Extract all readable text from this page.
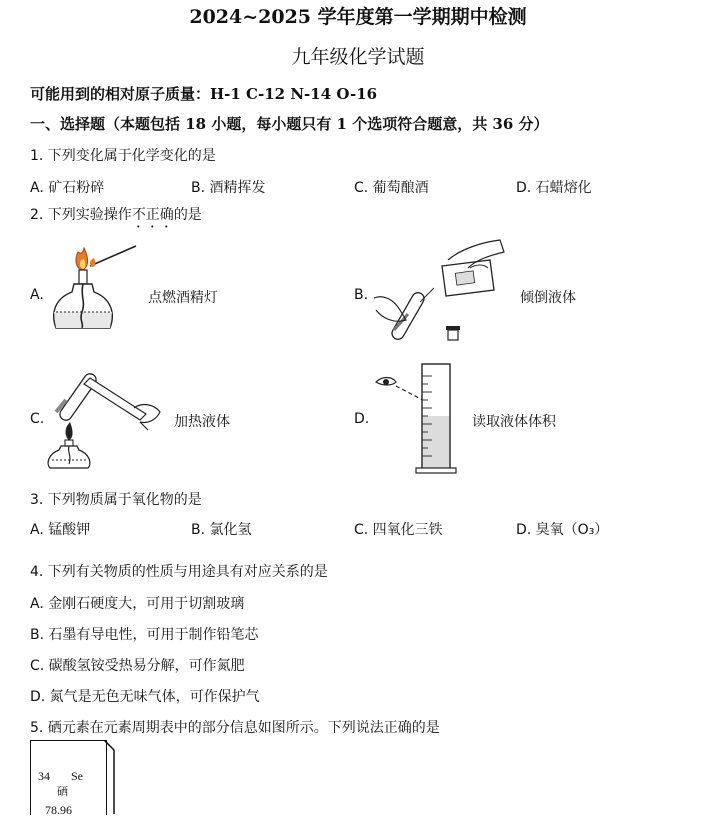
2024~2025 学年度第一学期期中检测
九年级化学试题
可能用到的相对原子质量：H-1 C-12 N-14 O-16
一、选择题（本题包括 18 小题，每小题只有 1 个选项符合题意，共 36 分）
1. 下列变化属于化学变化的是
A. 矿石粉碎	B. 酒精挥发	C. 葡萄酿酒	D. 石蜡熔化
2. 下列实验操作不正确的是
A.	点燃酒精灯	B.	倾倒液体
C.	加热液体	D.	读取液体体积
3. 下列物质属于氧化物的是
A. 锰酸钾	B. 氯化氢	C. 四氧化三铁	D. 臭氧（O₃）
4. 下列有关物质的性质与用途具有对应关系的是
A. 金刚石硬度大，可用于切割玻璃
B. 石墨有导电性，可用于制作铅笔芯
C. 碳酸氢铵受热易分解，可作氮肥
D. 氮气是无色无味气体，可作保护气
5. 硒元素在元素周期表中的部分信息如图所示。下列说法正确的是
34 Se
硒
78.96
